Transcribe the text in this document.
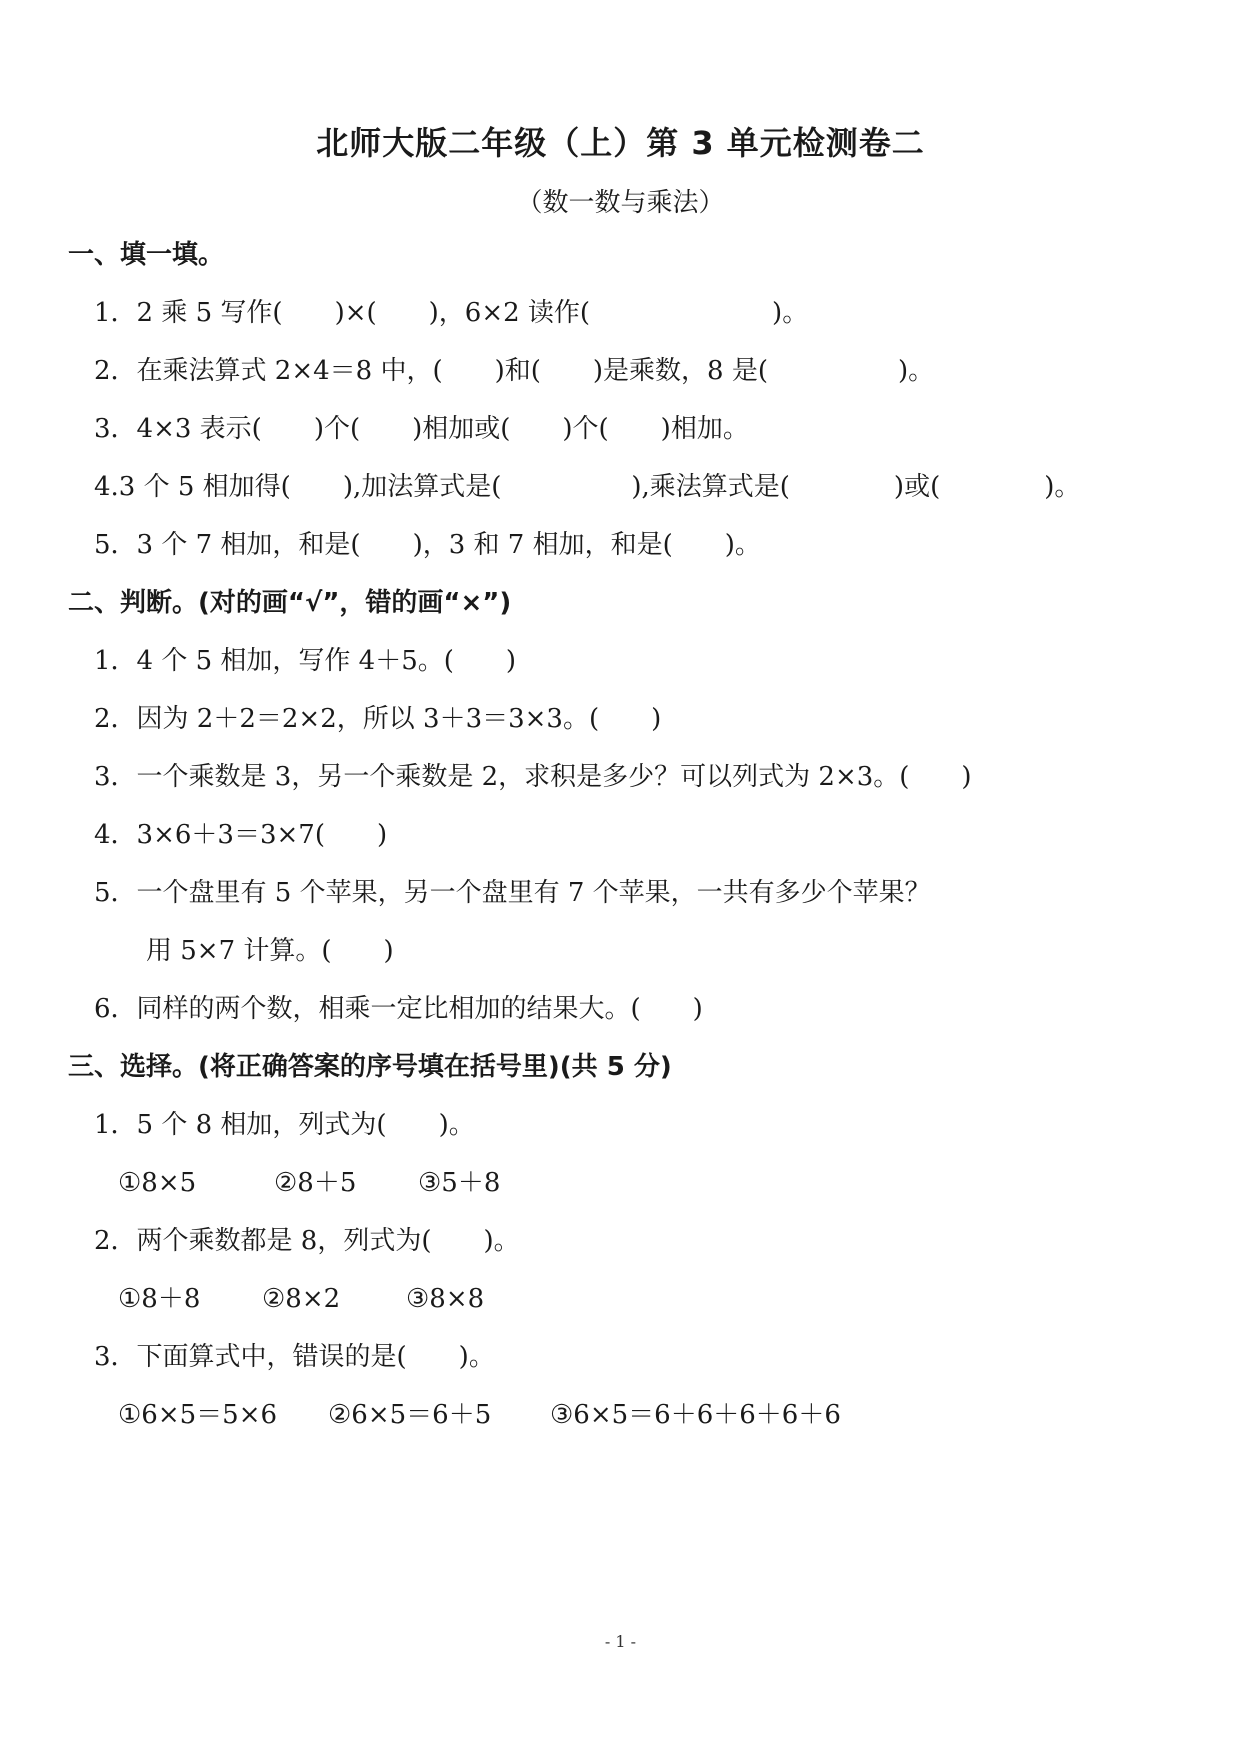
北师大版二年级（上）第 3 单元检测卷二
（数一数与乘法）
一、填一填。
1．2 乘 5 写作(　　)×(　　)，6×2 读作(　　　　　　　)。
2．在乘法算式 2×4＝8 中，(　　)和(　　)是乘数，8 是(　　　　　)。
3．4×3 表示(　　)个(　　)相加或(　　)个(　　)相加。
4.3 个 5 相加得(　　),加法算式是(　　　　　),乘法算式是(　　　　)或(　　　　)。
5．3 个 7 相加，和是(　　)，3 和 7 相加，和是(　　)。
二、判断。(对的画“√”，错的画“×”)
1．4 个 5 相加，写作 4＋5。(　　)
2．因为 2＋2＝2×2，所以 3＋3＝3×3。(　　)
3．一个乘数是 3，另一个乘数是 2，求积是多少？可以列式为 2×3。(　　)
4．3×6＋3＝3×7(　　)
5．一个盘里有 5 个苹果，另一个盘里有 7 个苹果，一共有多少个苹果？
用 5×7 计算。(　　)
6．同样的两个数，相乘一定比相加的结果大。(　　)
三、选择。(将正确答案的序号填在括号里)(共 5 分)
1．5 个 8 相加，列式为(　　)。
①8×5	②8＋5 ③5＋8
2．两个乘数都是 8，列式为(　　)。
①8＋8 ②8×2	③8×8
3．下面算式中，错误的是(　　)。
①6×5＝5×6 ②6×5＝6＋5 ③6×5＝6＋6＋6＋6＋6
- 1 -
